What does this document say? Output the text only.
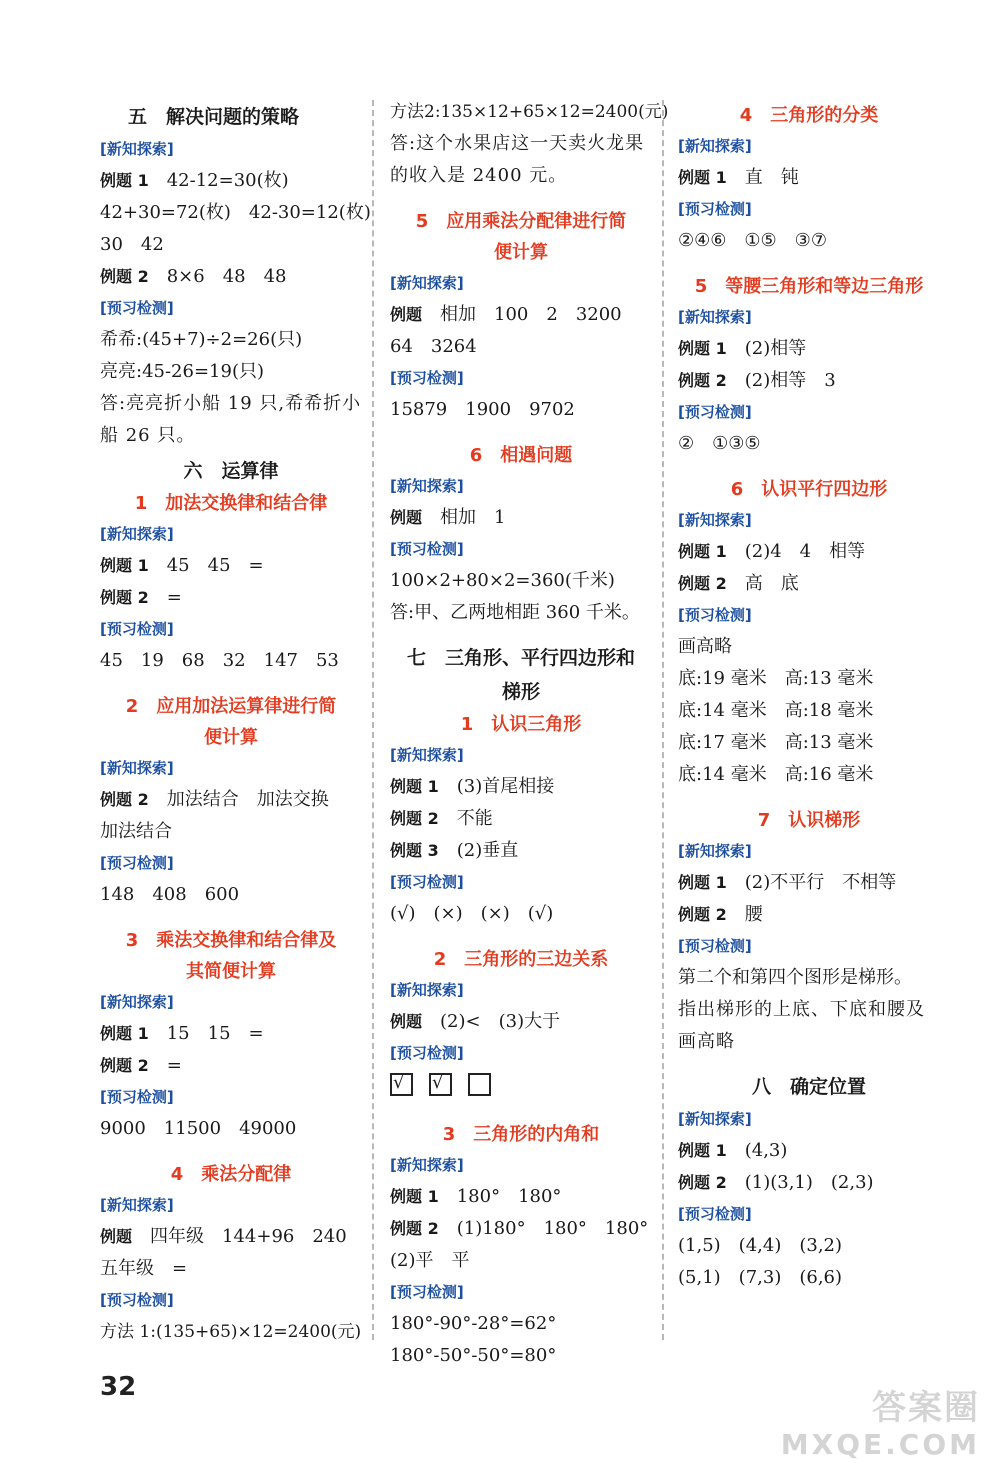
五　解决问题的策略
[新知探索]
例题 1　 42-12=30(枚)
42+30=72(枚)　42-30=12(枚)
30　42
例题 2　 8×6　48　48
[预习检测]
希希:(45+7)÷2=26(只)
亮亮:45-26=19(只)
答:亮亮折小船 19 只,希希折小船 26 只。
六　运算律
1　加法交换律和结合律
[新知探索]
例题 1　 45　45　=
例题 2　 =
[预习检测]
45　19　68　32　147　53
2　应用加法运算律进行简
便计算
[新知探索]
例题 2　 加法结合　加法交换
加法结合
[预习检测]
148　408　600
3　乘法交换律和结合律及
其简便计算
[新知探索]
例题 1　 15　15　=
例题 2　 =
[预习检测]
9000　11500　49000
4　乘法分配律
[新知探索]
例题　 四年级　144+96　240
五年级　=
[预习检测]
方法 1:(135+65)×12=2400(元)
方法2:135×12+65×12=2400(元)
答:这个水果店这一天卖火龙果的收入是 2400 元。
5　应用乘法分配律进行简
便计算
[新知探索]
例题　 相加　100　2　3200
64　3264
[预习检测]
15879　1900　9702
6　相遇问题
[新知探索]
例题　 相加　1
[预习检测]
100×2+80×2=360(千米)
答:甲、乙两地相距 360 千米。
七　三角形、平行四边形和
梯形
1　认识三角形
[新知探索]
例题 1　 (3)首尾相接
例题 2　 不能
例题 3　 (2)垂直
[预习检测]
(√)　(×)　(×)　(√)
2　三角形的三边关系
[新知探索]
例题　 (2)<　(3)大于
[预习检测]
√ √
3　三角形的内角和
[新知探索]
例题 1　 180°　180°
例题 2　 (1)180°　180°　180°
(2)平　平
[预习检测]
180°-90°-28°=62°
180°-50°-50°=80°
4　三角形的分类
[新知探索]
例题 1　 直　钝
[预习检测]
②④⑥　①⑤　③⑦
5　等腰三角形和等边三角形
[新知探索]
例题 1　 (2)相等
例题 2　 (2)相等　3
[预习检测]
②　①③⑤
6　认识平行四边形
[新知探索]
例题 1　 (2)4　4　相等
例题 2　 高　底
[预习检测]
画高略
底:19 毫米　高:13 毫米
底:14 毫米　高:18 毫米
底:17 毫米　高:13 毫米
底:14 毫米　高:16 毫米
7　认识梯形
[新知探索]
例题 1　 (2)不平行　不相等
例题 2　 腰
[预习检测]
第二个和第四个图形是梯形。
指出梯形的上底、下底和腰及画高略
八　确定位置
[新知探索]
例题 1　 (4,3)
例题 2　 (1)(3,1)　(2,3)
[预习检测]
(1,5)　(4,4)　(3,2)
(5,1)　(7,3)　(6,6)
32
答案圈
MXQE.COM
